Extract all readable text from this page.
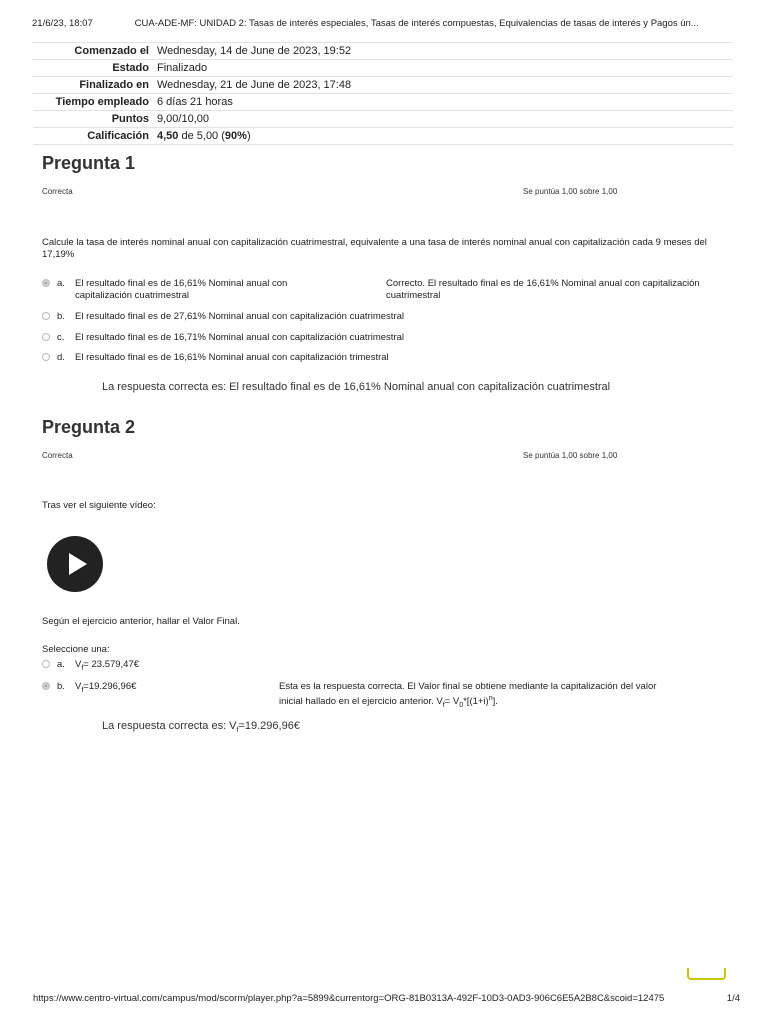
21/6/23, 18:07	CUA-ADE-MF: UNIDAD 2: Tasas de interés especiales, Tasas de interés compuestas, Equivalencias de tasas de interés y Pagos ún...
Comenzado el	Wednesday, 14 de June de 2023, 19:52
Estado	Finalizado
Finalizado en	Wednesday, 21 de June de 2023, 17:48
Tiempo empleado	6 días 21 horas
Puntos	9,00/10,00
Calificación	4,50 de 5,00 (90%)
Pregunta 1
Correcta	Se puntúa 1,00 sobre 1,00
Calcule la tasa de interés nominal anual con capitalización cuatrimestral, equivalente a una tasa de interés nominal anual con capitalización cada 9 meses del 17,19%
a. El resultado final es de 16,61% Nominal anual con capitalización cuatrimestral
Correcto. El resultado final es de 16,61% Nominal anual con capitalización cuatrimestral
b. El resultado final es de 27,61% Nominal anual con capitalización cuatrimestral
c. El resultado final es de 16,71% Nominal anual con capitalización cuatrimestral
d. El resultado final es de 16,61% Nominal anual con capitalización trimestral
La respuesta correcta es: El resultado final es de 16,61% Nominal anual con capitalización cuatrimestral
Pregunta 2
Correcta	Se puntúa 1,00 sobre 1,00
Tras ver el siguiente vídeo:
Según el ejercicio anterior, hallar el Valor Final.
Seleccione una:
a. $V_f=$ 23.579,47€
b. $V_f=19.296,96€$	Esta es la respuesta correcta. El Valor final se obtiene mediante la capitalización del valor
inicial hallado en el ejercicio anterior. $V_f= V_0*[(1+i)^n]$.
La respuesta correcta es: $V_f=19.296,96€$
https://www.centro-virtual.com/campus/mod/scorm/player.php?a=5899&currentorg=ORG-81B0313A-492F-10D3-0AD3-906C6E5A2B8C&scoid=12475	1/4
